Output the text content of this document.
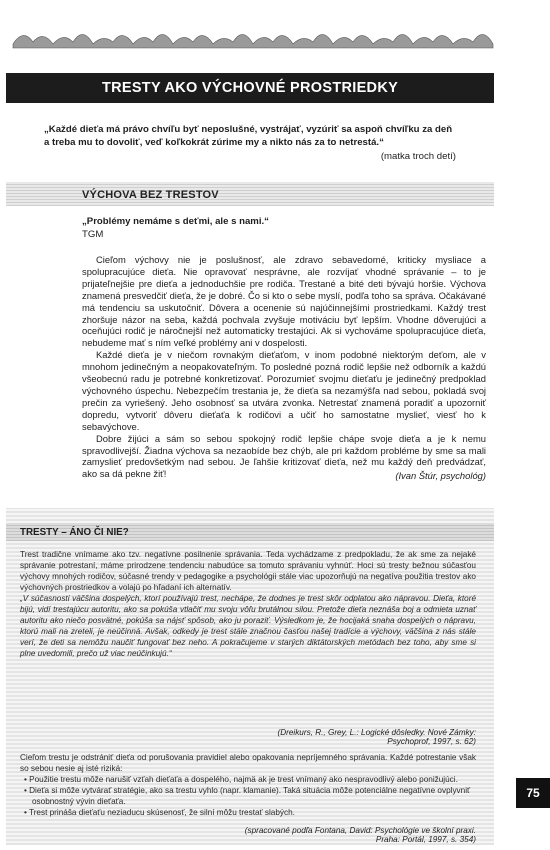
TRESTY AKO VÝCHOVNÉ PROSTRIEDKY
„Každé dieťa má právo chvíľu byť neposlušné, vystrájať, vyzúriť sa aspoň chvíľku za deň a treba mu to dovoliť, veď koľkokrát zúrime my a nikto nás za to netrestá.“
(matka troch detí)
VÝCHOVA BEZ TRESTOV
„Problémy nemáme s deťmi, ale s nami.“
TGM

Cieľom výchovy nie je poslušnosť, ale zdravo sebavedomé, kriticky mysliace a spolupracujúce dieťa. Nie opravovať nesprávne, ale rozvíjať vhodné správanie – to je prijateľnejšie pre dieťa a jednoduchšie pre rodiča. Trestané a bité deti bývajú horšie. Výchova znamená presvedčiť dieťa, že je dobré. Čo si kto o sebe myslí, podľa toho sa správa. Očakávané má tendenciu sa uskutočniť. Dôvera a ocenenie sú najúčinnejšími prostriedkami. Každý trest zhoršuje názor na seba, každá pochvala zvyšuje motiváciu byť lepším. Vhodne dôverujúci a oceňujúci rodič je náročnejší než automaticky trestajúci. Ak si vychováme spolupracujúce dieťa, nebudeme mať s ním veľké problémy ani v dospelosti.

Každé dieťa je v niečom rovnakým dieťaťom, v inom podobné niektorým deťom, ale v mnohom jedinečným a neopakovateľným. To posledné pozná rodič lepšie než odborník a každú všeobecnú radu je potrebné konkretizovať. Porozumieť svojmu dieťaťu je jedinečný predpoklad výchovného úspechu. Nebezpečím trestania je, že dieťa sa nezamýšľa nad sebou, pokladá svoj prečin za vyriešený. Jeho osobnosť sa utvára zvonka. Netrestať znamená poradiť a upozorniť dopredu, vytvoriť dôveru dieťaťa k rodičovi a učiť ho samostatne myslieť, viesť ho k sebavýchove.

Dobre žijúci a sám so sebou spokojný rodič lepšie chápe svoje dieťa a je k nemu spravodlivejší. Žiadna výchova sa nezaobíde bez chýb, ale pri každom probléme by sme sa mali zamyslieť predovšetkým nad sebou. Je ľahšie kritizovať dieťa, než mu každý deň predvádzať, ako sa dá pekne žiť!	(Ivan Štúr, psychológ)
TRESTY – ÁNO ČI NIE?
Trest tradične vnímame ako tzv. negatívne posilnenie správania. Teda vychádzame z predpokladu, že ak sme za nejaké správanie potrestaní, máme prirodzene tendenciu nabudúce sa tomuto správaniu vyhnúť. Hoci sú tresty bežnou súčasťou výchovy mnohých rodičov, súčasné trendy v pedagogike a psychológii stále viac upozorňujú na negatíva použitia trestov ako výchovných prostriedkov a volajú po hľadaní ich alternatív.
„V súčasnosti väčšina dospelých, ktorí používajú trest, nechápe, že dodnes je trest skôr odplatou ako nápravou. Dieťa, ktoré bijú, vidí trestajúcu autoritu, ako sa pokúša vtlačiť mu svoju vôľu brutálnou silou. Pretože dieťa neznáša boj a odmieta uznať autoritu ako niečo posvätné, pokúša sa nájsť spôsob, ako ju poraziť. Výsledkom je, že hocijaká snaha dospelých o nápravu, ktorú mali na zreteli, je neúčinná. Avšak, odkedy je trest stále značnou časťou našej tradície a výchovy, väčšina z nás stále verí, že deti sa nemôžu naučiť fungovať bez neho. A pokračujeme v starých diktátorských metódach bez toho, aby sme si plne uvedomili, prečo už viac neúčinkujú.“
(Dreikurs, R., Grey, L.: Logické dôsledky. Nové Zámky: Psychoprof, 1997, s. 62)
Cieľom trestu je odstrániť dieťa od porušovania pravidiel alebo opakovania nepríjemného správania. Každé potrestanie však so sebou nesie aj isté riziká:
• Použitie trestu môže narušiť vzťah dieťaťa a dospelého, najmä ak je trest vnímaný ako nespravodlivý alebo ponižujúci.
• Dieťa si môže vytvárať stratégie, ako sa trestu vyhlo (napr. klamanie). Taká situácia môže potenciálne negatívne ovplyvniť osobnostný vývin dieťaťa.
• Trest prináša dieťaťu neziaducu skúsenosť, že silní môžu trestať slabých.
(spracované podľa Fontana, David: Psychológie ve školní praxi. Praha: Portál, 1997, s. 354)
75
